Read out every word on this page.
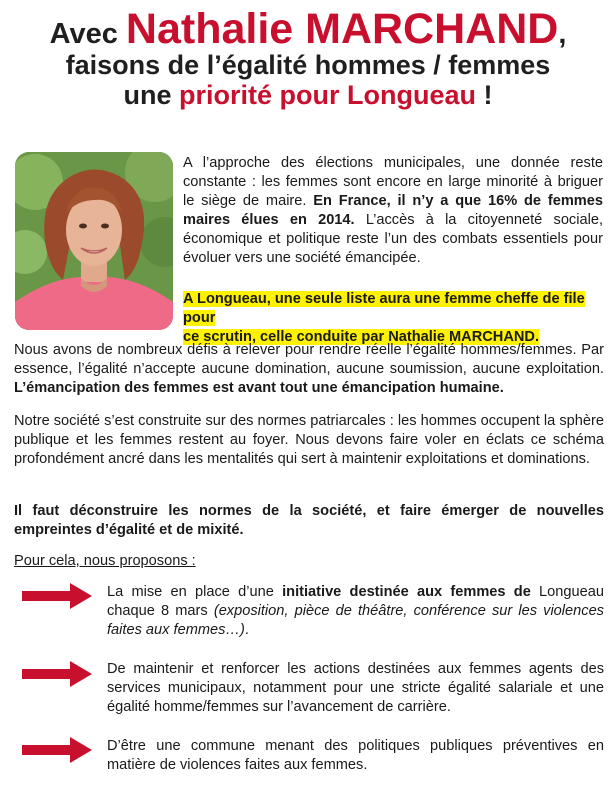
Avec Nathalie MARCHAND,
faisons de l’égalité hommes / femmes
une priorité pour Longueau !
A l’approche des élections municipales, une donnée reste constante : les femmes sont encore en large minorité à briguer le siège de maire. En France, il n’y a que 16% de femmes maires élues en 2014. L’accès à la citoyenneté sociale, économique et politique reste l’un des combats essentiels pour évoluer vers une société émancipée.
A Longueau, une seule liste aura une femme cheffe de file pour
ce scrutin, celle conduite par Nathalie MARCHAND.
Nous avons de nombreux défis à relever pour rendre réelle l’égalité hommes/femmes. Par essence, l’égalité n’accepte aucune domination, aucune soumission, aucune exploitation. L’émancipation des femmes est avant tout une émancipation humaine.
Notre société s’est construite sur des normes patriarcales : les hommes occupent la sphère publique et les femmes restent au foyer. Nous devons faire voler en éclats ce schéma profondément ancré dans les mentalités qui sert à maintenir exploitations et dominations.
Il faut déconstruire les normes de la société, et faire émerger de nouvelles empreintes d’égalité et de mixité.
Pour cela, nous proposons :
La mise en place d’une initiative destinée aux femmes de Longueau chaque 8 mars (exposition, pièce de théâtre, conférence sur les violences faites aux femmes…).
De maintenir et renforcer les actions destinées aux femmes agents des services municipaux, notamment pour une stricte égalité salariale et une égalité homme/femmes sur l’avancement de carrière.
D’être une commune menant des politiques publiques préventives en matière de violences faites aux femmes.
